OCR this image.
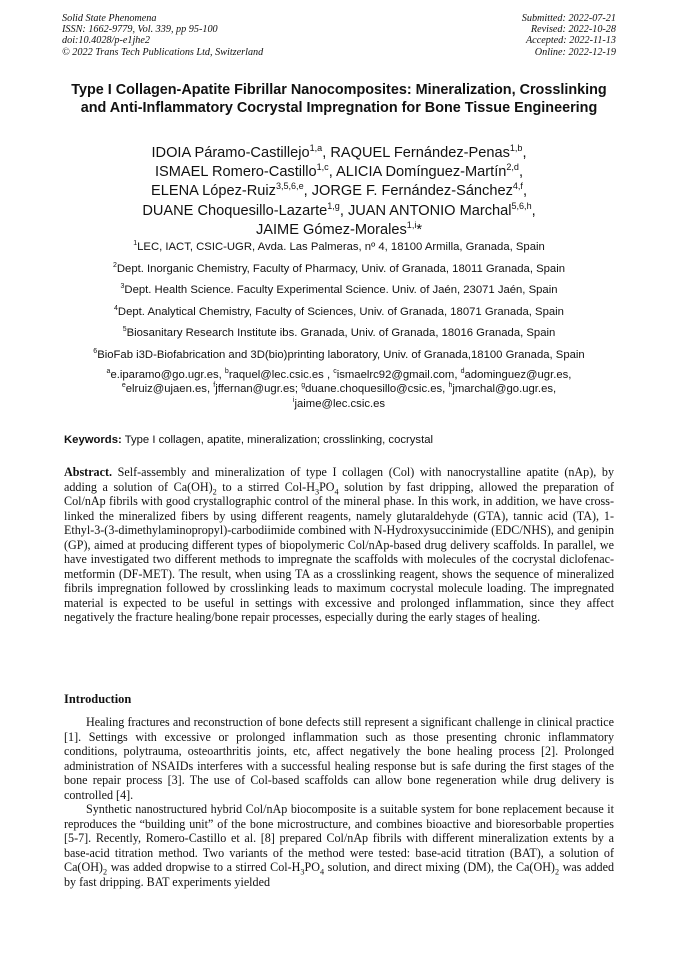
Solid State Phenomena
ISSN: 1662-9779, Vol. 339, pp 95-100
doi:10.4028/p-e1jhe2
© 2022 Trans Tech Publications Ltd, Switzerland
Submitted: 2022-07-21
Revised: 2022-10-28
Accepted: 2022-11-13
Online: 2022-12-19
Type I Collagen-Apatite Fibrillar Nanocomposites: Mineralization, Crosslinking and Anti-Inflammatory Cocrystal Impregnation for Bone Tissue Engineering
IDOIA Páramo-Castillejo$^{1,a}$, RAQUEL Fernández-Penas$^{1,b}$,
ISMAEL Romero-Castillo$^{1,c}$, ALICIA Domínguez-Martín$^{2,d}$,
ELENA López-Ruiz$^{3,5,6,e}$, JORGE F. Fernández-Sánchez$^{4,f}$,
DUANE Choquesillo-Lazarte$^{1,g}$, JUAN ANTONIO Marchal$^{5,6,h}$,
JAIME Gómez-Morales$^{1,i}$*
$^1$LEC, IACT, CSIC-UGR, Avda. Las Palmeras, nº 4, 18100 Armilla, Granada, Spain
$^2$Dept. Inorganic Chemistry, Faculty of Pharmacy, Univ. of Granada, 18011 Granada, Spain
$^3$Dept. Health Science. Faculty Experimental Science. Univ. of Jaén, 23071 Jaén, Spain
$^4$Dept. Analytical Chemistry, Faculty of Sciences, Univ. of Granada, 18071 Granada, Spain
$^5$Biosanitary Research Institute ibs. Granada, Univ. of Granada, 18016 Granada, Spain
$^6$BioFab i3D-Biofabrication and 3D(bio)printing laboratory, Univ. of Granada,18100 Granada, Spain
$^a$e.iparamo@go.ugr.es, $^b$raquel@lec.csic.es , $^c$ismaelrc92@gmail.com, $^d$adominguez@ugr.es,
$^e$elruiz@ujaen.es, $^f$jffernan@ugr.es; $^g$duane.choquesillo@csic.es, $^h$jmarchal@go.ugr.es,
$^i$jaime@lec.csic.es
Keywords: Type I collagen, apatite, mineralization; crosslinking, cocrystal
Abstract. Self-assembly and mineralization of type I collagen (Col) with nanocrystalline apatite (nAp), by adding a solution of $Ca(OH)_2$ to a stirred Col-$H_3PO_4$ solution by fast dripping, allowed the preparation of Col/nAp fibrils with good crystallographic control of the mineral phase. In this work, in addition, we have cross-linked the mineralized fibers by using different reagents, namely glutaraldehyde (GTA), tannic acid (TA), 1-Ethyl-3-(3-dimethylaminopropyl)-carbodiimide combined with N-Hydroxysuccinimide (EDC/NHS), and genipin (GP), aimed at producing different types of biopolymeric Col/nAp-based drug delivery scaffolds. In parallel, we have investigated two different methods to impregnate the scaffolds with molecules of the cocrystal diclofenac-metformin (DF-MET). The result, when using TA as a crosslinking reagent, shows the sequence of mineralized fibrils impregnation followed by crosslinking leads to maximum cocrystal molecule loading. The impregnated material is expected to be useful in settings with excessive and prolonged inflammation, since they affect negatively the fracture healing/bone repair processes, especially during the early stages of healing.
Introduction

Healing fractures and reconstruction of bone defects still represent a significant challenge in clinical practice [1]. Settings with excessive or prolonged inflammation such as those presenting chronic inflammatory conditions, polytrauma, osteoarthritis joints, etc, affect negatively the bone healing process [2]. Prolonged administration of NSAIDs interferes with a successful healing response but is safe during the first stages of the bone repair process [3]. The use of Col-based scaffolds can allow bone regeneration while drug delivery is controlled [4].

Synthetic nanostructured hybrid Col/nAp biocomposite is a suitable system for bone replacement because it reproduces the “building unit” of the bone microstructure, and combines bioactive and bioresorbable properties [5-7]. Recently, Romero-Castillo et al. [8] prepared Col/nAp fibrils with different mineralization extents by a base-acid titration method. Two variants of the method were tested: base-acid titration (BAT), a solution of $Ca(OH)_2$ was added dropwise to a stirred Col-$H_3PO_4$ solution, and direct mixing (DM), the $Ca(OH)_2$ was added by fast dripping. BAT experiments yielded
